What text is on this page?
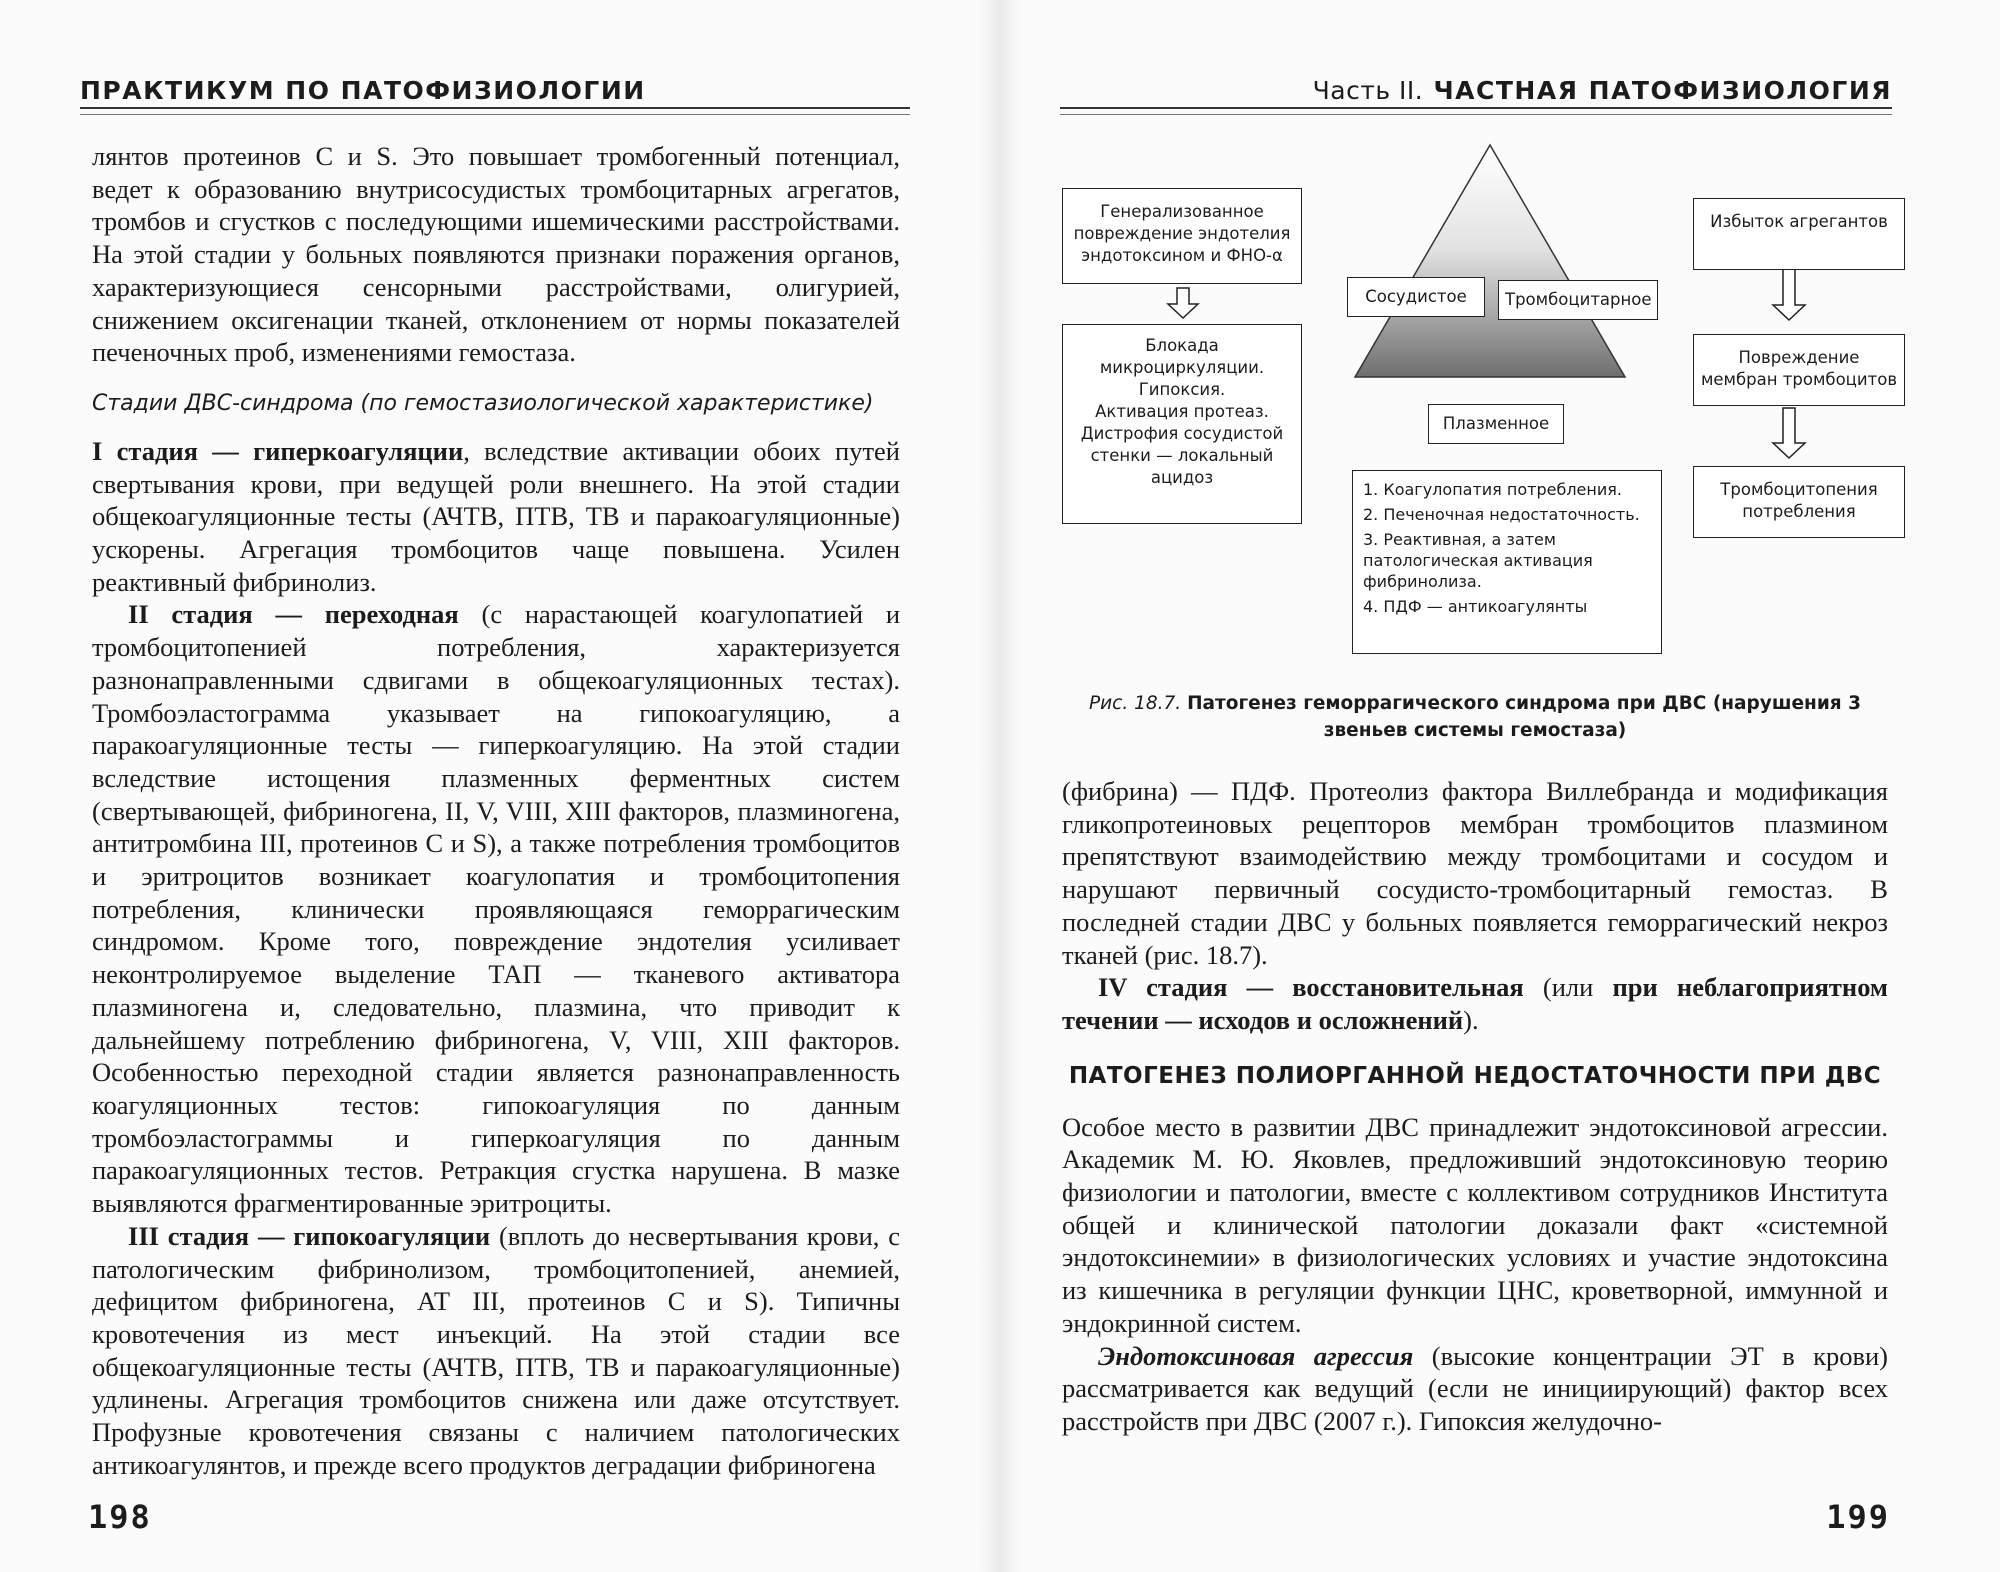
ПРАКТИКУМ ПО ПАТОФИЗИОЛОГИИ

лянтов протеинов C и S. Это повышает тромбогенный потенциал, ведет к образованию внутрисосудистых тромбоцитарных агрегатов, тромбов и сгустков с последующими ишемическими расстройствами. На этой стадии у больных появляются признаки поражения органов, характеризующиеся сенсорными расстройствами, олигурией, снижением оксигенации тканей, отклонением от нормы показателей печеночных проб, изменениями гемостаза.

Стадии ДВС-синдрома (по гемостазиологической характеристике)

I стадия — гиперкоагуляции, вследствие активации обоих путей свертывания крови, при ведущей роли внешнего. На этой стадии общекоагуляционные тесты (АЧТВ, ПТВ, ТВ и паракоагуляционные) ускорены. Агрегация тромбоцитов чаще повышена. Усилен реактивный фибринолиз.

II стадия — переходная (с нарастающей коагулопатией и тромбоцитопенией потребления, характеризуется разнонаправленными сдвигами в общекоагуляционных тестах). Тромбоэластограмма указывает на гипокоагуляцию, а паракоагуляционные тесты — гиперкоагуляцию. На этой стадии вследствие истощения плазменных ферментных систем (свертывающей, фибриногена, II, V, VIII, XIII факторов, плазминогена, антитромбина III, протеинов C и S), а также потребления тромбоцитов и эритроцитов возникает коагулопатия и тромбоцитопения потребления, клинически проявляющаяся геморрагическим синдромом. Кроме того, повреждение эндотелия усиливает неконтролируемое выделение ТАП — тканевого активатора плазминогена и, следовательно, плазмина, что приводит к дальнейшему потреблению фибриногена, V, VIII, XIII факторов. Особенностью переходной стадии является разнонаправленность коагуляционных тестов: гипокоагуляция по данным тромбоэластограммы и гиперкоагуляция по данным паракоагуляционных тестов. Ретракция сгустка нарушена. В мазке выявляются фрагментированные эритроциты.

III стадия — гипокоагуляции (вплоть до несвертывания крови, с патологическим фибринолизом, тромбоцитопенией, анемией, дефицитом фибриногена, АТ III, протеинов C и S). Типичны кровотечения из мест инъекций. На этой стадии все общекоагуляционные тесты (АЧТВ, ПТВ, ТВ и паракоагуляционные) удлинены. Агрегация тромбоцитов снижена или даже отсутствует. Профузные кровотечения связаны с наличием патологических антикоагулянтов, и прежде всего продуктов деградации фибриногена

198
Часть II. ЧАСТНАЯ ПАТОФИЗИОЛОГИЯ
Генерализованное повреждение эндотелия эндотоксином и ФНО-α
Блокада микроциркуляции.
Гипоксия.
Активация протеаз.
Дистрофия сосудистой стенки — локальный ацидоз
Сосудистое	Тромбоцитарное
Плазменное
1. Коагулопатия потребления.
2. Печеночная недостаточность.
3. Реактивная, а затем патологическая активация фибринолиза.
4. ПДФ — антикоагулянты
Избыток агрегантов
Повреждение мембран тромбоцитов
Тромбоцитопения потребления
Рис. 18.7. Патогенез геморрагического синдрома при ДВС (нарушения 3 звеньев системы гемостаза)

(фибрина) — ПДФ. Протеолиз фактора Виллебранда и модификация гликопротеиновых рецепторов мембран тромбоцитов плазмином препятствуют взаимодействию между тромбоцитами и сосудом и нарушают первичный сосудисто-тромбоцитарный гемостаз. В последней стадии ДВС у больных появляется геморрагический некроз тканей (рис. 18.7).

IV стадия — восстановительная (или при неблагоприятном течении — исходов и осложнений).

ПАТОГЕНЕЗ ПОЛИОРГАННОЙ НЕДОСТАТОЧНОСТИ ПРИ ДВС

Особое место в развитии ДВС принадлежит эндотоксиновой агрессии. Академик М. Ю. Яковлев, предложивший эндотоксиновую теорию физиологии и патологии, вместе с коллективом сотрудников Института общей и клинической патологии доказали факт «системной эндотоксинемии» в физиологических условиях и участие эндотоксина из кишечника в регуляции функции ЦНС, кроветворной, иммунной и эндокринной систем.

Эндотоксиновая агрессия (высокие концентрации ЭТ в крови) рассматривается как ведущий (если не инициирующий) фактор всех расстройств при ДВС (2007 г.). Гипоксия желудочно-

199
